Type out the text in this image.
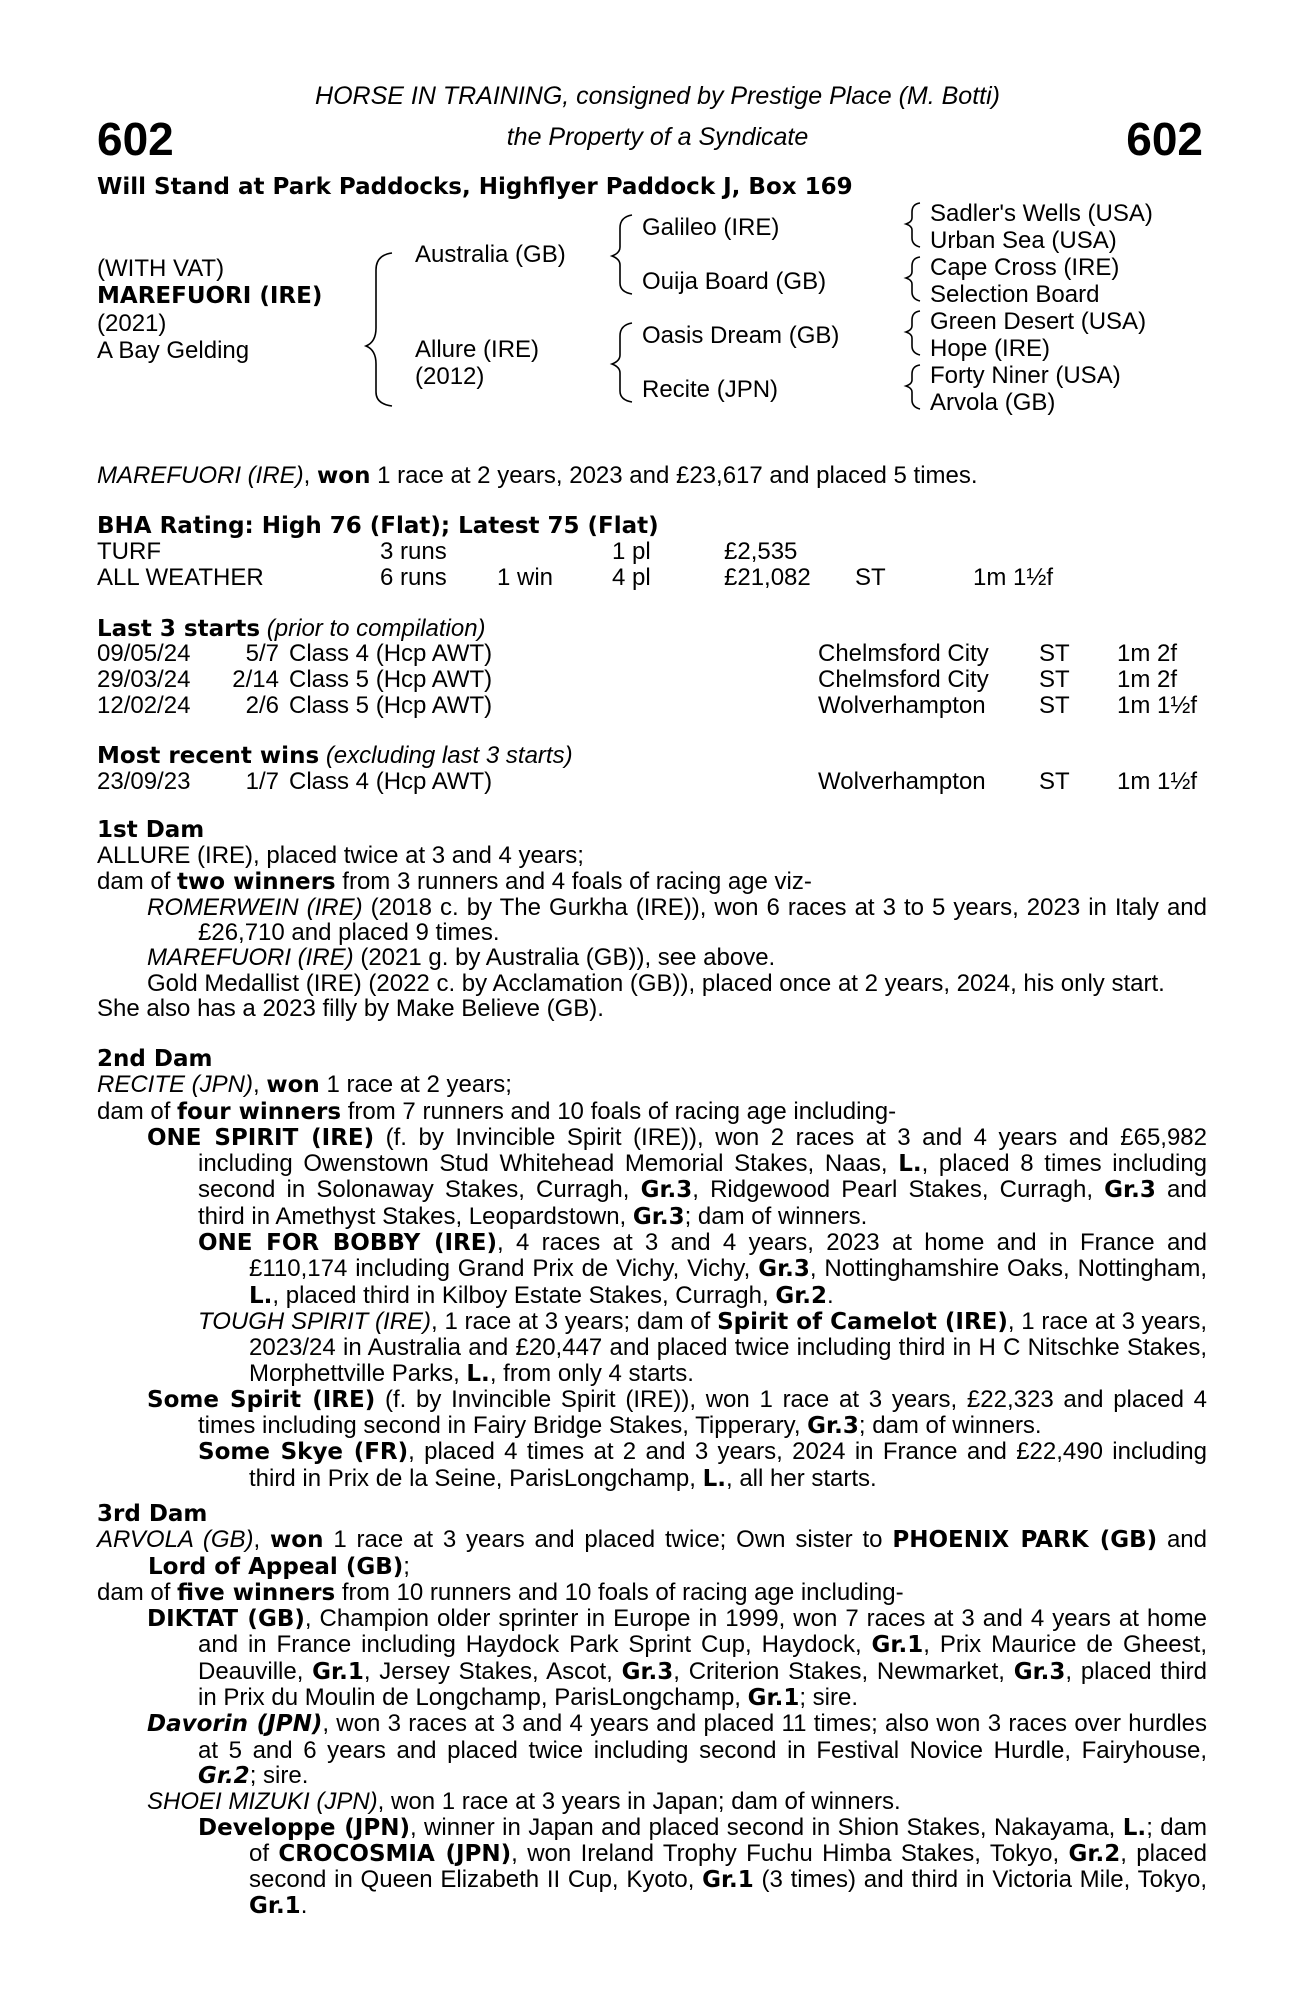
602	602
HORSE IN TRAINING, consigned by Prestige Place (M. Botti)
the Property of a Syndicate
Will Stand at Park Paddocks, Highflyer Paddock J, Box 169
(WITH VAT)
MAREFUORI (IRE)
(2021)
A Bay Gelding
Australia (GB)
Allure (IRE)
(2012)
Galileo (IRE)
Ouija Board (GB)
Oasis Dream (GB)
Recite (JPN)
Sadler's Wells (USA)
Urban Sea (USA)
Cape Cross (IRE)
Selection Board
Green Desert (USA)
Hope (IRE)
Forty Niner (USA)
Arvola (GB)
MAREFUORI (IRE), won 1 race at 2 years, 2023 and £23,617 and placed 5 times.
BHA Rating: High 76 (Flat); Latest 75 (Flat)
TURF	3 runs	1 pl	£2,535
ALL WEATHER	6 runs 1 win 4 pl	£21,082 ST	1m 1½f
Last 3 starts (prior to compilation)
09/05/24	5/7 Class 4 (Hcp AWT)	Chelmsford City ST 1m 2f
29/03/24	2/14 Class 5 (Hcp AWT)	Chelmsford City ST 1m 2f
12/02/24	2/6 Class 5 (Hcp AWT)	Wolverhampton ST 1m 1½f
Most recent wins (excluding last 3 starts)
23/09/23	1/7 Class 4 (Hcp AWT)	Wolverhampton ST 1m 1½f

1st Dam

ALLURE (IRE), placed twice at 3 and 4 years;

dam of two winners from 3 runners and 4 foals of racing age viz-

ROMERWEIN (IRE) (2018 c. by The Gurkha (IRE)), won 6 races at 3 to 5 years, 2023 in Italy and £26,710 and placed 9 times.

MAREFUORI (IRE) (2021 g. by Australia (GB)), see above.

Gold Medallist (IRE) (2022 c. by Acclamation (GB)), placed once at 2 years, 2024, his only start.

She also has a 2023 filly by Make Believe (GB).

2nd Dam

RECITE (JPN), won 1 race at 2 years;

dam of four winners from 7 runners and 10 foals of racing age including-

ONE SPIRIT (IRE) (f. by Invincible Spirit (IRE)), won 2 races at 3 and 4 years and £65,982 including Owenstown Stud Whitehead Memorial Stakes, Naas, L., placed 8 times including second in Solonaway Stakes, Curragh, Gr.3, Ridgewood Pearl Stakes, Curragh, Gr.3 and third in Amethyst Stakes, Leopardstown, Gr.3; dam of winners.

ONE FOR BOBBY (IRE), 4 races at 3 and 4 years, 2023 at home and in France and £110,174 including Grand Prix de Vichy, Vichy, Gr.3, Nottinghamshire Oaks, Nottingham, L., placed third in Kilboy Estate Stakes, Curragh, Gr.2.

TOUGH SPIRIT (IRE), 1 race at 3 years; dam of Spirit of Camelot (IRE), 1 race at 3 years, 2023/24 in Australia and £20,447 and placed twice including third in H C Nitschke Stakes, Morphettville Parks, L., from only 4 starts.

Some Spirit (IRE) (f. by Invincible Spirit (IRE)), won 1 race at 3 years, £22,323 and placed 4 times including second in Fairy Bridge Stakes, Tipperary, Gr.3; dam of winners.

Some Skye (FR), placed 4 times at 2 and 3 years, 2024 in France and £22,490 including third in Prix de la Seine, ParisLongchamp, L., all her starts.

3rd Dam

ARVOLA (GB), won 1 race at 3 years and placed twice; Own sister to PHOENIX PARK (GB) and Lord of Appeal (GB);

dam of five winners from 10 runners and 10 foals of racing age including-

DIKTAT (GB), Champion older sprinter in Europe in 1999, won 7 races at 3 and 4 years at home and in France including Haydock Park Sprint Cup, Haydock, Gr.1, Prix Maurice de Gheest, Deauville, Gr.1, Jersey Stakes, Ascot, Gr.3, Criterion Stakes, Newmarket, Gr.3, placed third in Prix du Moulin de Longchamp, ParisLongchamp, Gr.1; sire.

Davorin (JPN), won 3 races at 3 and 4 years and placed 11 times; also won 3 races over hurdles at 5 and 6 years and placed twice including second in Festival Novice Hurdle, Fairyhouse, Gr.2; sire.

SHOEI MIZUKI (JPN), won 1 race at 3 years in Japan; dam of winners.

Developpe (JPN), winner in Japan and placed second in Shion Stakes, Nakayama, L.; dam of CROCOSMIA (JPN), won Ireland Trophy Fuchu Himba Stakes, Tokyo, Gr.2, placed second in Queen Elizabeth II Cup, Kyoto, Gr.1 (3 times) and third in Victoria Mile, Tokyo, Gr.1.
